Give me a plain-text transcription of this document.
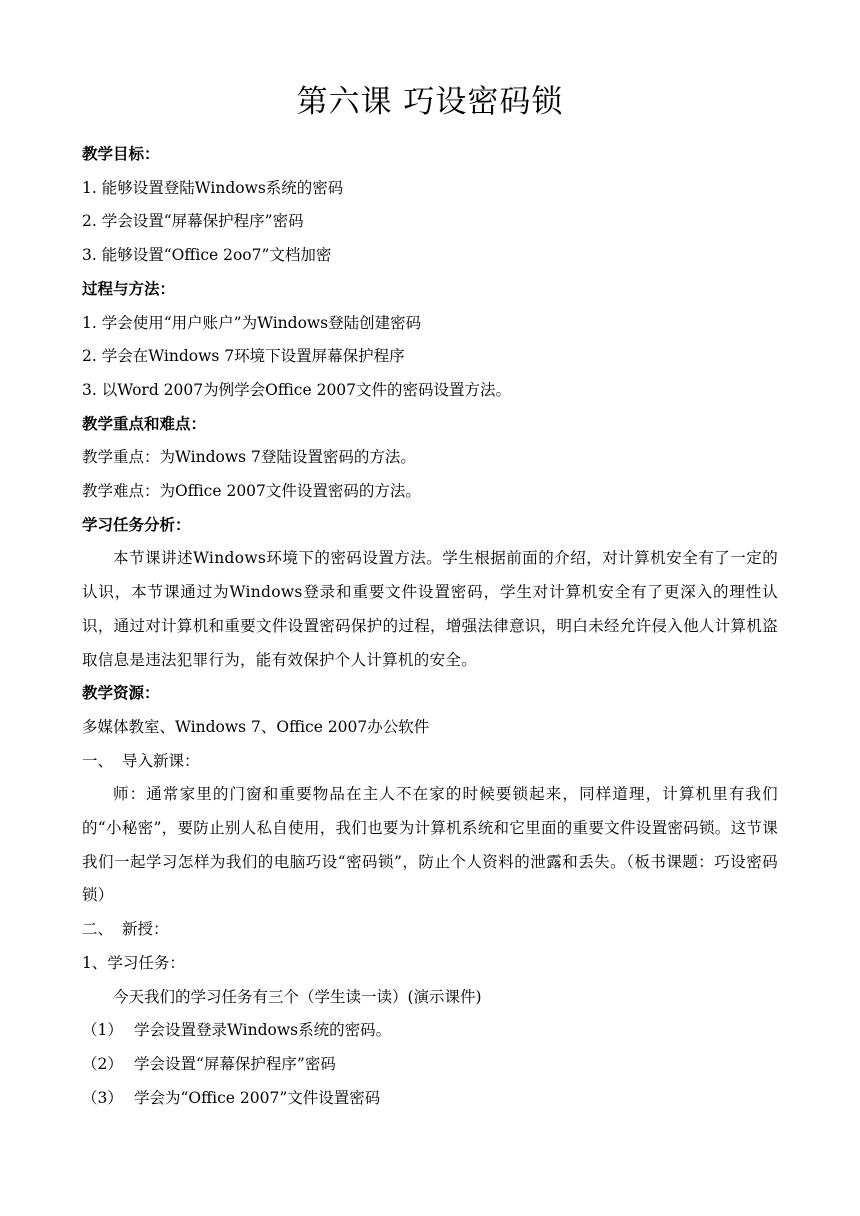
第六课 巧设密码锁
教学目标：
1. 能够设置登陆Windows系统的密码
2. 学会设置“屏幕保护程序”密码
3. 能够设置“Office 2oo7”文档加密
过程与方法：
1. 学会使用“用户账户”为Windows登陆创建密码
2. 学会在Windows 7环境下设置屏幕保护程序
3. 以Word 2007为例学会Office 2007文件的密码设置方法。
教学重点和难点：
教学重点：为Windows 7登陆设置密码的方法。
教学难点：为Office 2007文件设置密码的方法。
学习任务分析：
本节课讲述Windows环境下的密码设置方法。学生根据前面的介绍，对计算机安全有了一定的认识，本节课通过为Windows登录和重要文件设置密码，学生对计算机安全有了更深入的理性认识，通过对计算机和重要文件设置密码保护的过程，增强法律意识，明白未经允许侵入他人计算机盗取信息是违法犯罪行为，能有效保护个人计算机的安全。
教学资源：
多媒体教室、Windows 7、Office 2007办公软件
一、 导入新课：
师：通常家里的门窗和重要物品在主人不在家的时候要锁起来，同样道理，计算机里有我们的“小秘密”，要防止别人私自使用，我们也要为计算机系统和它里面的重要文件设置密码锁。这节课我们一起学习怎样为我们的电脑巧设“密码锁”，防止个人资料的泄露和丢失。（板书课题：巧设密码锁）
二、 新授：
1、学习任务：
今天我们的学习任务有三个（学生读一读）(演示课件)
（1） 学会设置登录Windows系统的密码。
（2） 学会设置“屏幕保护程序”密码
（3） 学会为“Office 2007”文件设置密码
